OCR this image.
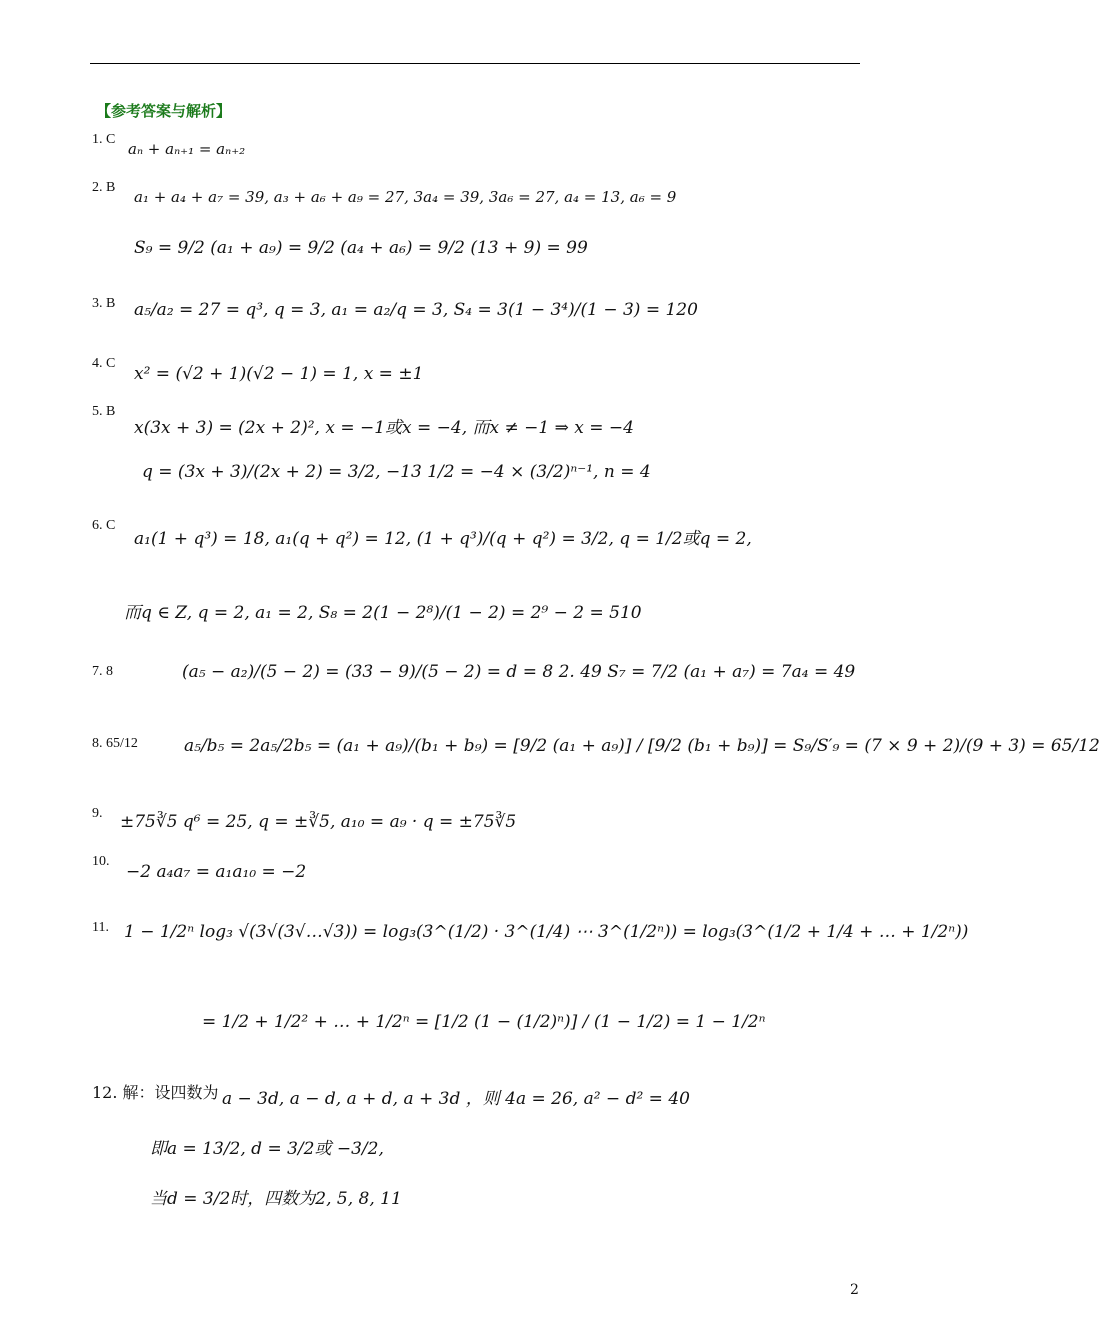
【参考答案与解析】
1. C
aₙ + aₙ₊₁ = aₙ₊₂
2. B
a₁ + a₄ + a₇ = 39, a₃ + a₆ + a₉ = 27, 3a₄ = 39, 3a₆ = 27, a₄ = 13, a₆ = 9
S₉ = 9/2 (a₁ + a₉) = 9/2 (a₄ + a₆) = 9/2 (13 + 9) = 99
3. B a₅/a₂ = 27 = q³, q = 3, a₁ = a₂/q = 3, S₄ = 3(1 − 3⁴)/(1 − 3) = 120
4. C
x² = (√2 + 1)(√2 − 1) = 1, x = ±1
5. B
x(3x + 3) = (2x + 2)², x = −1或x = −4, 而x ≠ −1 ⇒ x = −4
q = (3x + 3)/(2x + 2) = 3/2, −13 1/2 = −4 × (3/2)ⁿ⁻¹, n = 4
6. C
a₁(1 + q³) = 18, a₁(q + q²) = 12, (1 + q³)/(q + q²) = 3/2, q = 1/2或q = 2,
而q ∈ Z, q = 2, a₁ = 2, S₈ = 2(1 − 2⁸)/(1 − 2) = 2⁹ − 2 = 510
7. 8	(a₅ − a₂)/(5 − 2) = (33 − 9)/(5 − 2) = d = 8 2. 49 S₇ = 7/2 (a₁ + a₇) = 7a₄ = 49
8. 65/12	a₅/b₅ = 2a₅/2b₅ = (a₁ + a₉)/(b₁ + b₉) = [9/2 (a₁ + a₉)] / [9/2 (b₁ + b₉)] = S₉/S′₉ = (7 × 9 + 2)/(9 + 3) = 65/12
9. ±75∛5 q⁶ = 25, q = ±∛5, a₁₀ = a₉ · q = ±75∛5
10.
−2 a₄a₇ = a₁a₁₀ = −2
11. 1 − 1/2ⁿ log₃ √(3√(3√…√3)) = log₃(3^(1/2) · 3^(1/4) ⋯ 3^(1/2ⁿ)) = log₃(3^(1/2 + 1/4 + … + 1/2ⁿ))
= 1/2 + 1/2² + … + 1/2ⁿ = [1/2 (1 − (1/2)ⁿ)] / (1 − 1/2) = 1 − 1/2ⁿ
12. 解：设四数为 a − 3d, a − d, a + d, a + 3d ，则 4a = 26, a² − d² = 40
即a = 13/2, d = 3/2或 −3/2,
当d = 3/2时，四数为2, 5, 8, 11
2
